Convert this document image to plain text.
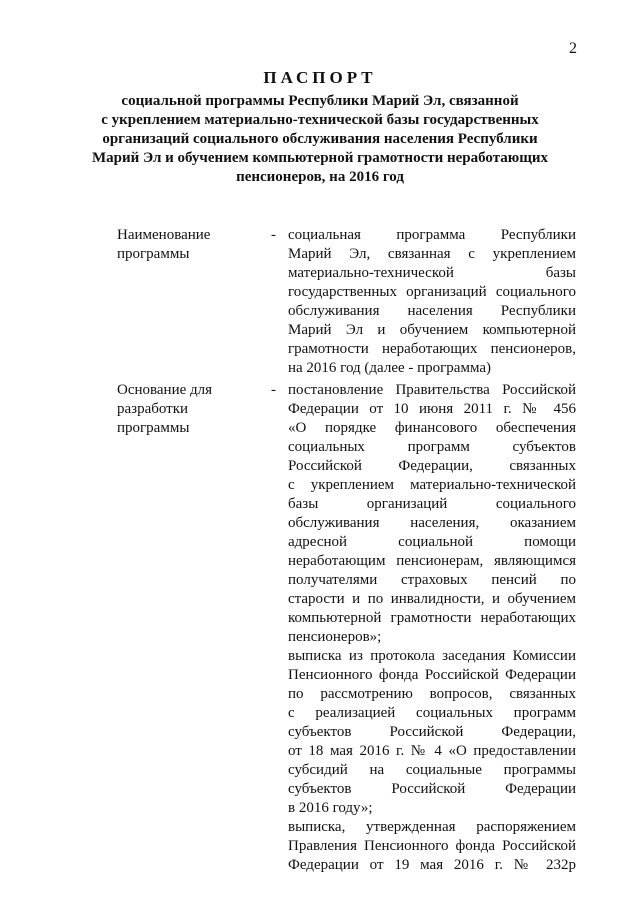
2
ПАСПОРТ
социальной программы Республики Марий Эл, связанной
с укреплением материально-технической базы государственных
организаций социального обслуживания населения Республики
Марий Эл и обучением компьютерной грамотности неработающих
пенсионеров, на 2016 год
Наименование
программы
- социальная программа Республики
Марий Эл, связанная с укреплением
материально-технической базы
государственных организаций социального
обслуживания населения Республики
Марий Эл и обучением компьютерной
грамотности неработающих пенсионеров,
на 2016 год (далее - программа)
Основание для
разработки
программы
- постановление Правительства Российской
Федерации от 10 июня 2011 г. № 456
«О порядке финансового обеспечения
социальных программ субъектов
Российской Федерации, связанных
с укреплением материально-технической
базы организаций социального
обслуживания населения, оказанием
адресной социальной помощи
неработающим пенсионерам, являющимся
получателями страховых пенсий по
старости и по инвалидности, и обучением
компьютерной грамотности неработающих
пенсионеров»;
выписка из протокола заседания Комиссии
Пенсионного фонда Российской Федерации
по рассмотрению вопросов, связанных
с реализацией социальных программ
субъектов Российской Федерации,
от 18 мая 2016 г. № 4 «О предоставлении
субсидий на социальные программы
субъектов Российской Федерации
в 2016 году»;
выписка, утвержденная распоряжением
Правления Пенсионного фонда Российской
Федерации от 19 мая 2016 г. № 232р
